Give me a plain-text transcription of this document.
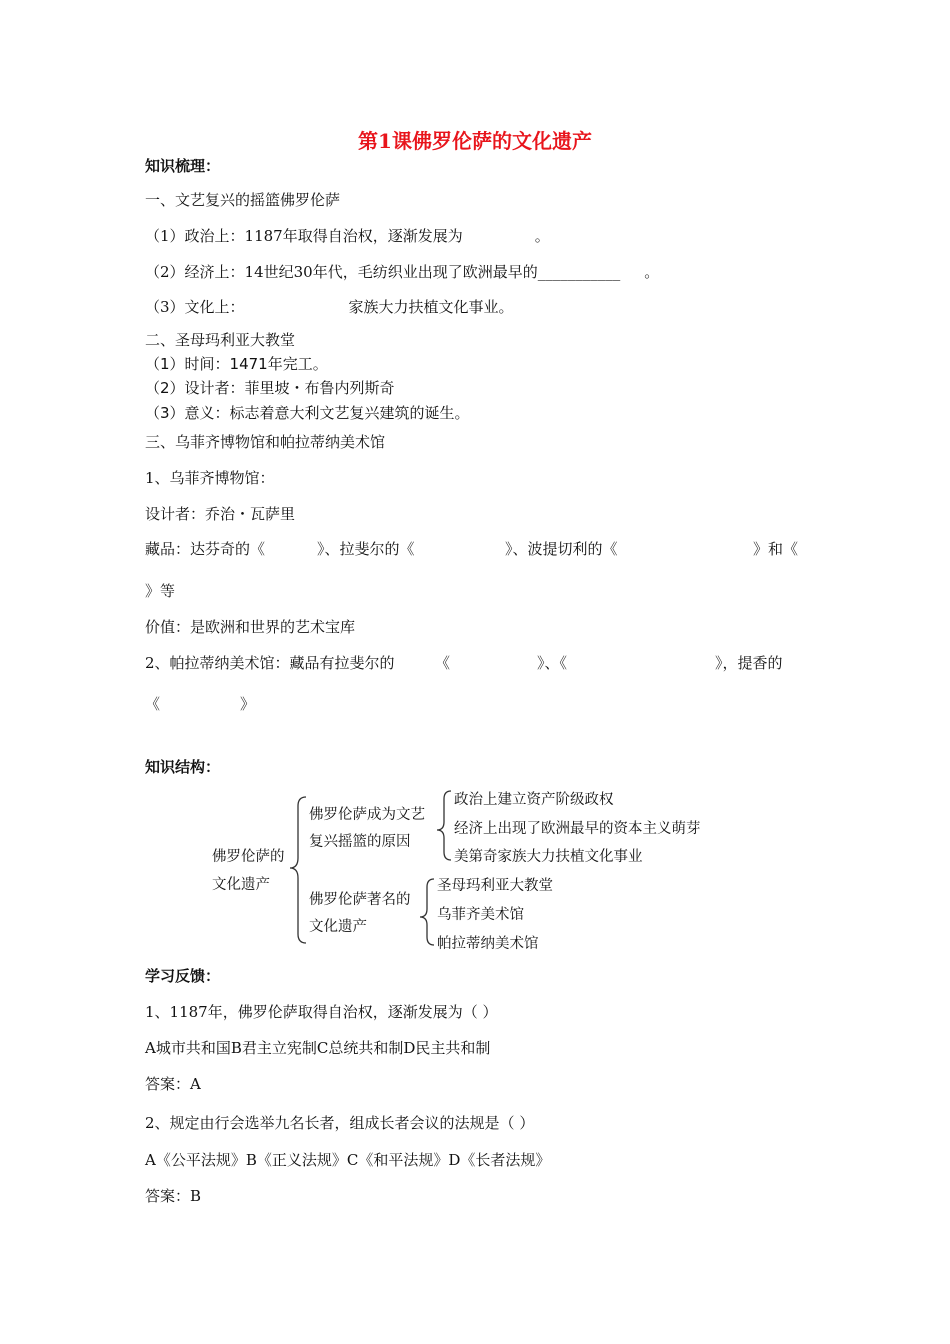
第1课佛罗伦萨的文化遗产
知识梳理：
一、文艺复兴的摇篮佛罗伦萨
（1）政治上：1187年取得自治权，逐渐发展为	。
（2）经济上：14世纪30年代，毛纺织业出现了欧洲最早的___________ 。
（3）文化上：	家族大力扶植文化事业。
二、圣母玛利亚大教堂
（1）时间：1471年完工。
（2）设计者：菲里坡・布鲁内列斯奇
（3）意义：标志着意大利文艺复兴建筑的诞生。
三、乌菲齐博物馆和帕拉蒂纳美术馆
1、乌菲齐博物馆：
设计者：乔治・瓦萨里
藏品：达芬奇的《	》、拉斐尔的《	》、波提切利的《	》和《
》等
价值：是欧洲和世界的艺术宝库
2、帕拉蒂纳美术馆：藏品有拉斐尔的	《	》、《	》，提香的
《	》
知识结构：
佛罗伦萨的
文化遗产
佛罗伦萨成为文艺
复兴摇篮的原因
政治上建立资产阶级政权
经济上出现了欧洲最早的资本主义萌芽
美第奇家族大力扶植文化事业
佛罗伦萨著名的
文化遗产
圣母玛利亚大教堂
乌菲齐美术馆
帕拉蒂纳美术馆
学习反馈：
1、1187年，佛罗伦萨取得自治权，逐渐发展为（ ）
A城市共和国B君主立宪制C总统共和制D民主共和制
答案：A
2、规定由行会选举九名长者，组成长者会议的法规是（ ）
A《公平法规》B《正义法规》C《和平法规》D《长者法规》
答案：B
